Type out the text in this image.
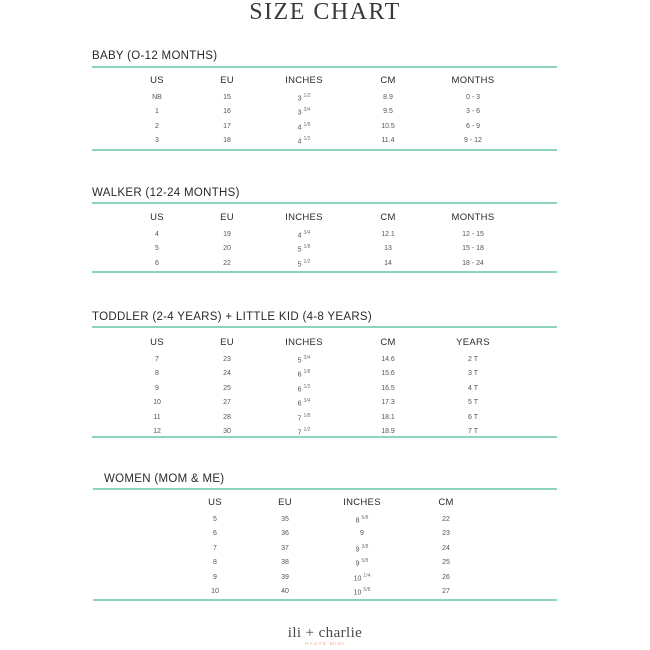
SIZE CHART
BABY (O-12 MONTHS)
US	EU	INCHES	CM	MONTHS
NB	15	3 $^{1/2}$	8.9	0 - 3
1	16	3 $^{3/4}$	9.5	3 - 6
2	17	4 $^{1/8}$	10.5	6 - 9
3	18	4 $^{1/2}$	11.4	9 - 12
WALKER (12-24 MONTHS)
US	EU	INCHES	CM	MONTHS
4	19	4 $^{3/4}$	12.1	12 - 15
5	20	5 $^{1/8}$	13	15 - 18
6	22	5 $^{1/2}$	14	18 - 24
TODDLER (2-4 YEARS) + LITTLE KID (4-8 YEARS)
US	EU	INCHES	CM	YEARS
7	23	5 $^{3/4}$	14.6	2 T
8	24	6 $^{1/8}$	15.6	3 T
9	25	6 $^{1/2}$	16.5	4 T
10	27	6 $^{3/4}$	17.3	5 T
11	28	7 $^{1/8}$	18.1	6 T
12	30	7 $^{1/2}$	18.9	7 T
WOMEN (MOM & ME)
US	EU	INCHES	CM
5	35	8 $^{5/8}$	22
6	36	9	23
7	37	9 $^{3/8}$	24
8	38	9 $^{5/8}$	25
9	39	10 $^{1/4}$	26
10	40	10 $^{5/8}$	27
ili + charlie
HAUTE MINI
